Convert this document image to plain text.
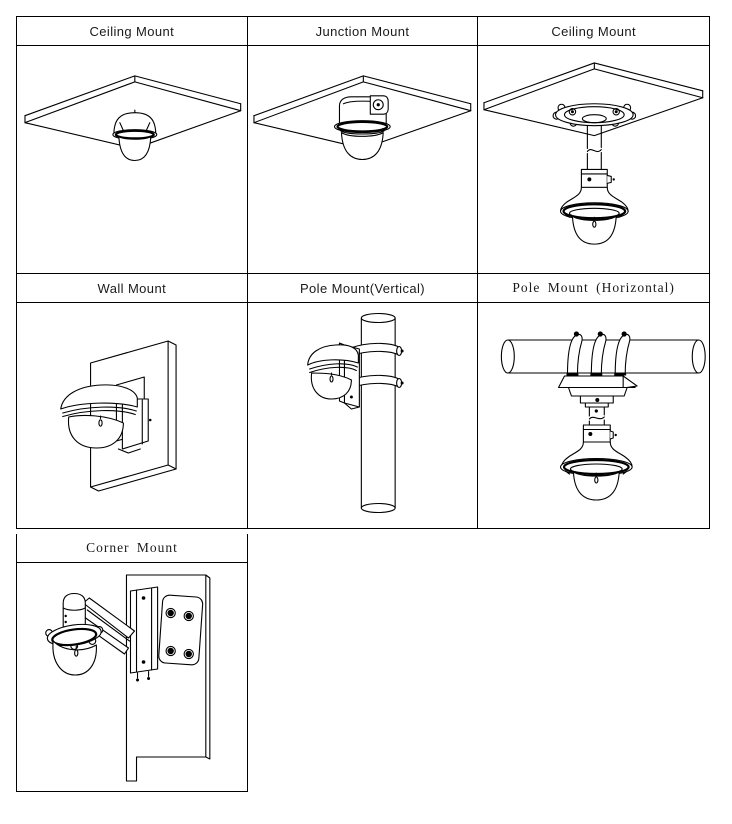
Ceiling Mount	Junction Mount	Ceiling Mount
Wall Mount	Pole Mount(Vertical)	Pole Mount (Horizontal)
Corner Mount
